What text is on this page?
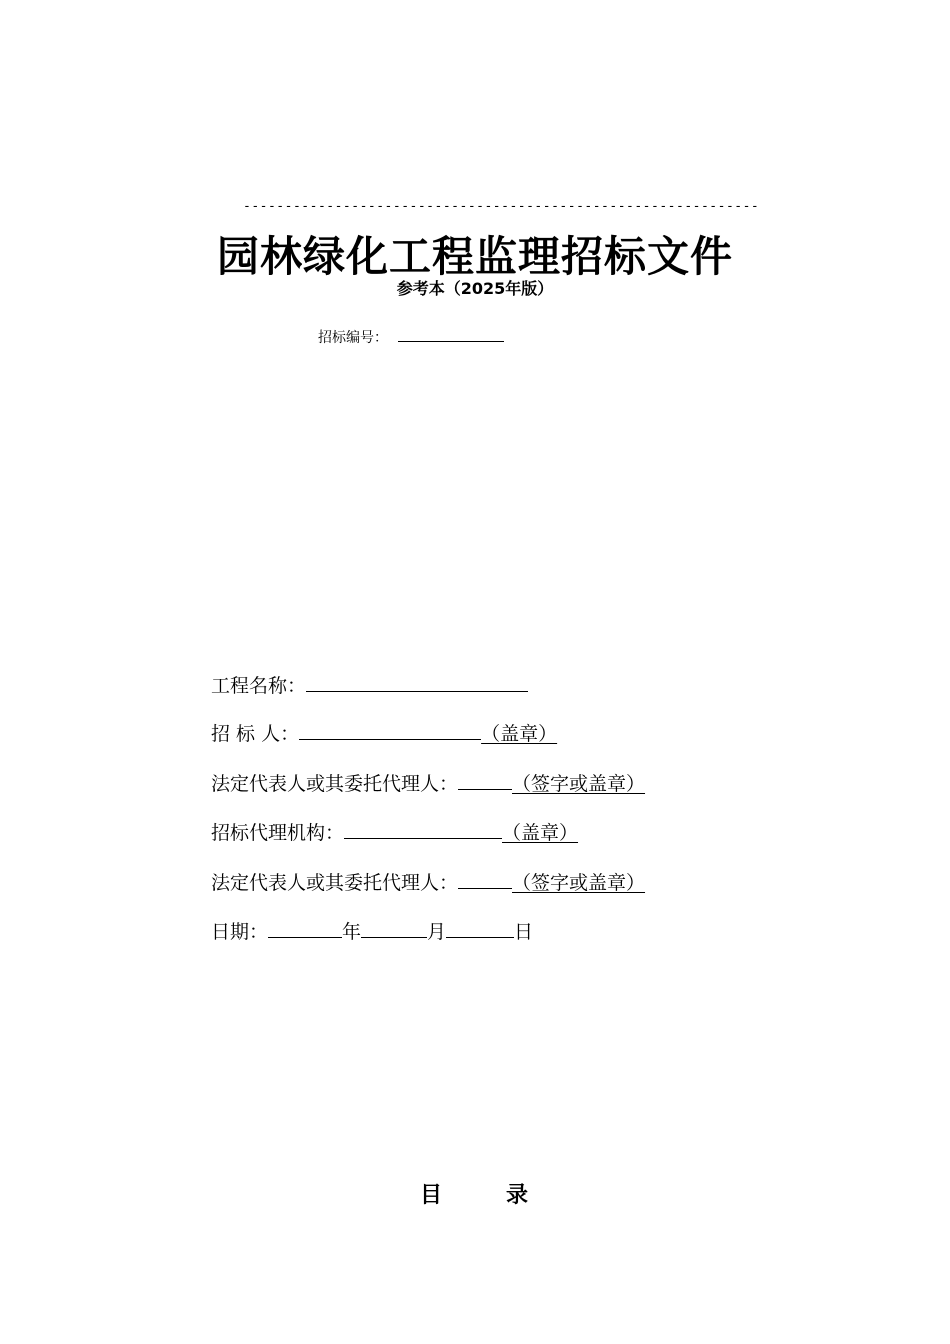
--------------------------------------------------------------
园林绿化工程监理招标文件
参考本（2025年版）
招标编号：
工程名称：
招 标 人：	（盖章）
法定代表人或其委托代理人：	（签字或盖章）
招标代理机构：	（盖章）
法定代表人或其委托代理人：	（签字或盖章）
日期：	年	月	日
目	录
